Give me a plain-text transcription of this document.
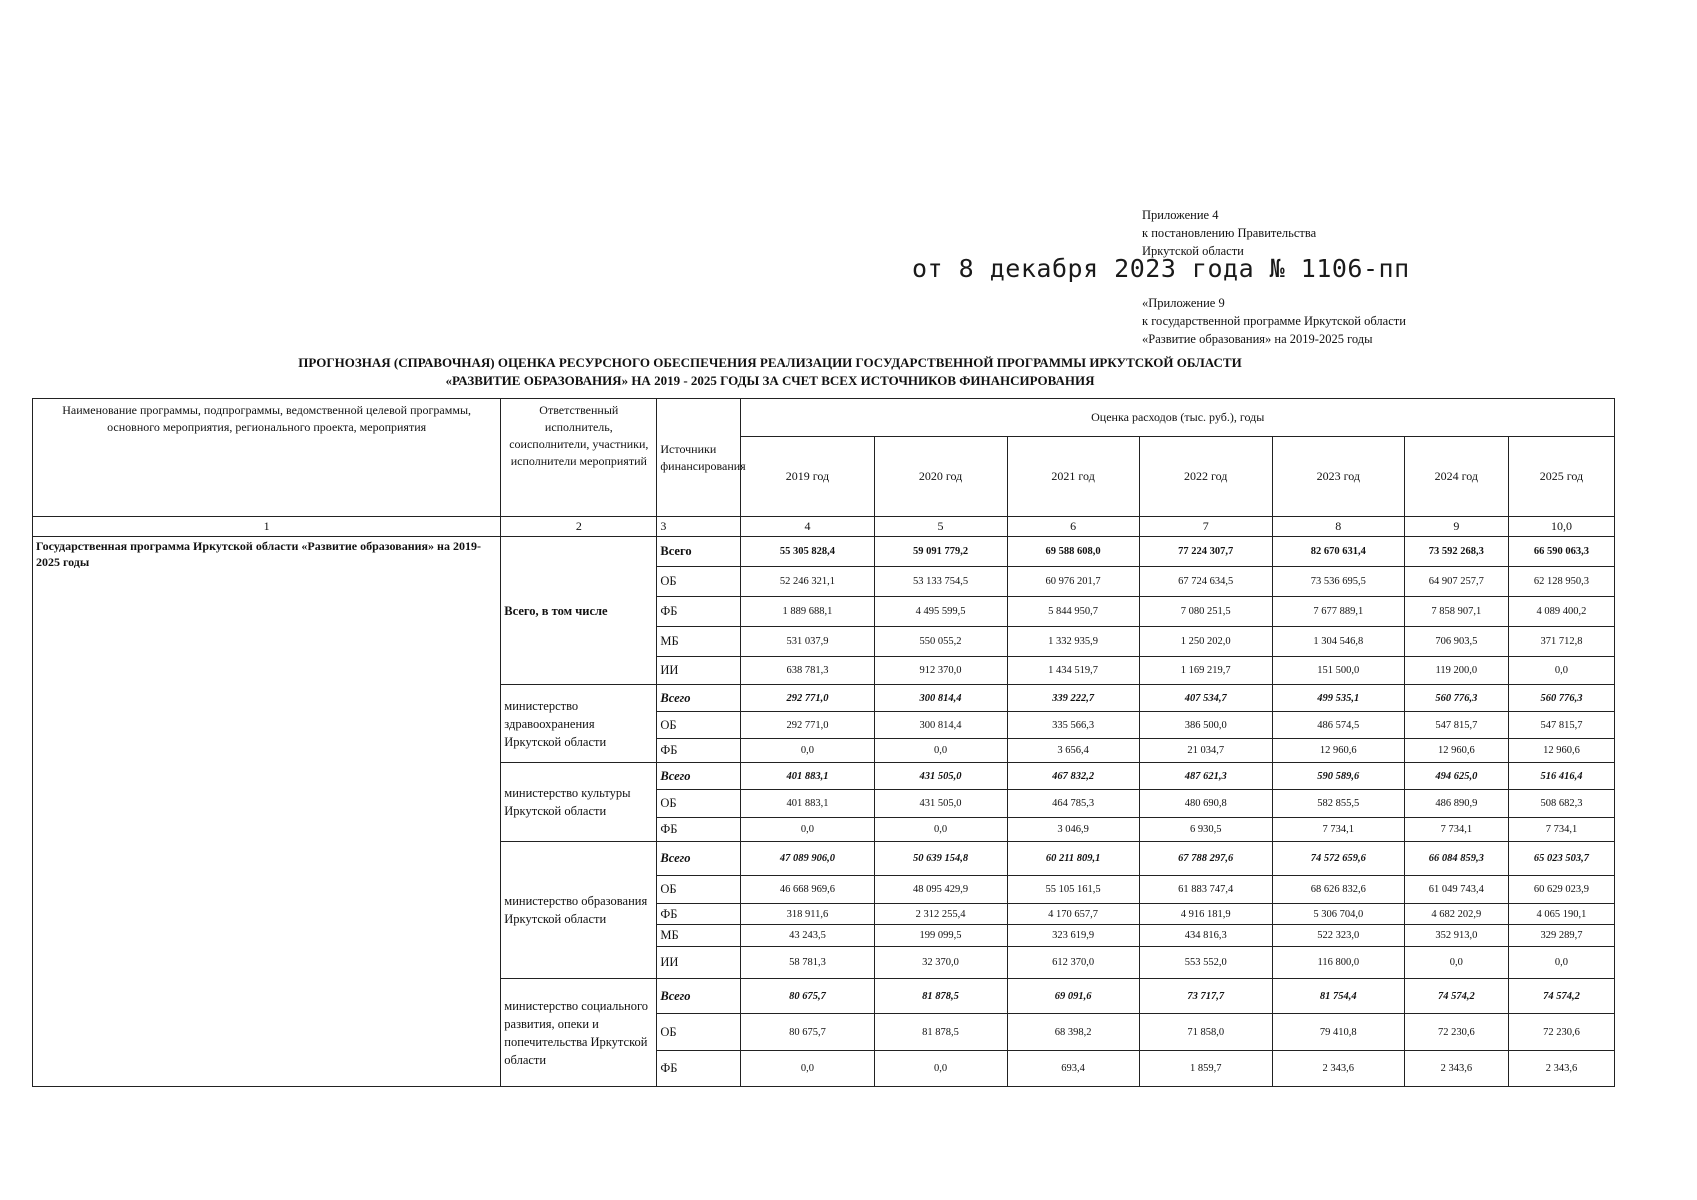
Приложение 4
к постановлению Правительства
Иркутской области
от 8 декабря 2023 года № 1106-пп
«Приложение 9
к государственной программе Иркутской области
«Развитие образования» на 2019-2025 годы
ПРОГНОЗНАЯ (СПРАВОЧНАЯ) ОЦЕНКА РЕСУРСНОГО ОБЕСПЕЧЕНИЯ РЕАЛИЗАЦИИ ГОСУДАРСТВЕННОЙ ПРОГРАММЫ ИРКУТСКОЙ ОБЛАСТИ
«РАЗВИТИЕ ОБРАЗОВАНИЯ» НА 2019 - 2025 ГОДЫ ЗА СЧЕТ ВСЕХ ИСТОЧНИКОВ ФИНАНСИРОВАНИЯ
Наименование программы, подпрограммы, ведомственной целевой программы, основного мероприятия, регионального проекта, мероприятия	Ответственный исполнитель, соисполнители, участники, исполнители мероприятий	Источники финансирования	Оценка расходов (тыс. руб.), годы						
			2019 год	2020 год	2021 год	2022 год	2023 год	2024 год	2025 год
1	2	3	4	5	6	7	8	9	10,0
Государственная программа Иркутской области «Развитие образования» на 2019-2025 годы	Всего, в том числе	Всего	55 305 828,4	59 091 779,2	69 588 608,0	77 224 307,7	82 670 631,4	73 592 268,3	66 590 063,3
		ОБ	52 246 321,1	53 133 754,5	60 976 201,7	67 724 634,5	73 536 695,5	64 907 257,7	62 128 950,3
		ФБ	1 889 688,1	4 495 599,5	5 844 950,7	7 080 251,5	7 677 889,1	7 858 907,1	4 089 400,2
		МБ	531 037,9	550 055,2	1 332 935,9	1 250 202,0	1 304 546,8	706 903,5	371 712,8
		ИИ	638 781,3	912 370,0	1 434 519,7	1 169 219,7	151 500,0	119 200,0	0,0
	министерство здравоохранения Иркутской области	Всего	292 771,0	300 814,4	339 222,7	407 534,7	499 535,1	560 776,3	560 776,3
		ОБ	292 771,0	300 814,4	335 566,3	386 500,0	486 574,5	547 815,7	547 815,7
		ФБ	0,0	0,0	3 656,4	21 034,7	12 960,6	12 960,6	12 960,6
	министерство культуры Иркутской области	Всего	401 883,1	431 505,0	467 832,2	487 621,3	590 589,6	494 625,0	516 416,4
		ОБ	401 883,1	431 505,0	464 785,3	480 690,8	582 855,5	486 890,9	508 682,3
		ФБ	0,0	0,0	3 046,9	6 930,5	7 734,1	7 734,1	7 734,1
	министерство образования Иркутской области	Всего	47 089 906,0	50 639 154,8	60 211 809,1	67 788 297,6	74 572 659,6	66 084 859,3	65 023 503,7
		ОБ	46 668 969,6	48 095 429,9	55 105 161,5	61 883 747,4	68 626 832,6	61 049 743,4	60 629 023,9
		ФБ	318 911,6	2 312 255,4	4 170 657,7	4 916 181,9	5 306 704,0	4 682 202,9	4 065 190,1
		МБ	43 243,5	199 099,5	323 619,9	434 816,3	522 323,0	352 913,0	329 289,7
		ИИ	58 781,3	32 370,0	612 370,0	553 552,0	116 800,0	0,0	0,0
	министерство социального развития, опеки и попечительства Иркутской области	Всего	80 675,7	81 878,5	69 091,6	73 717,7	81 754,4	74 574,2	74 574,2
		ОБ	80 675,7	81 878,5	68 398,2	71 858,0	79 410,8	72 230,6	72 230,6
		ФБ	0,0	0,0	693,4	1 859,7	2 343,6	2 343,6	2 343,6
